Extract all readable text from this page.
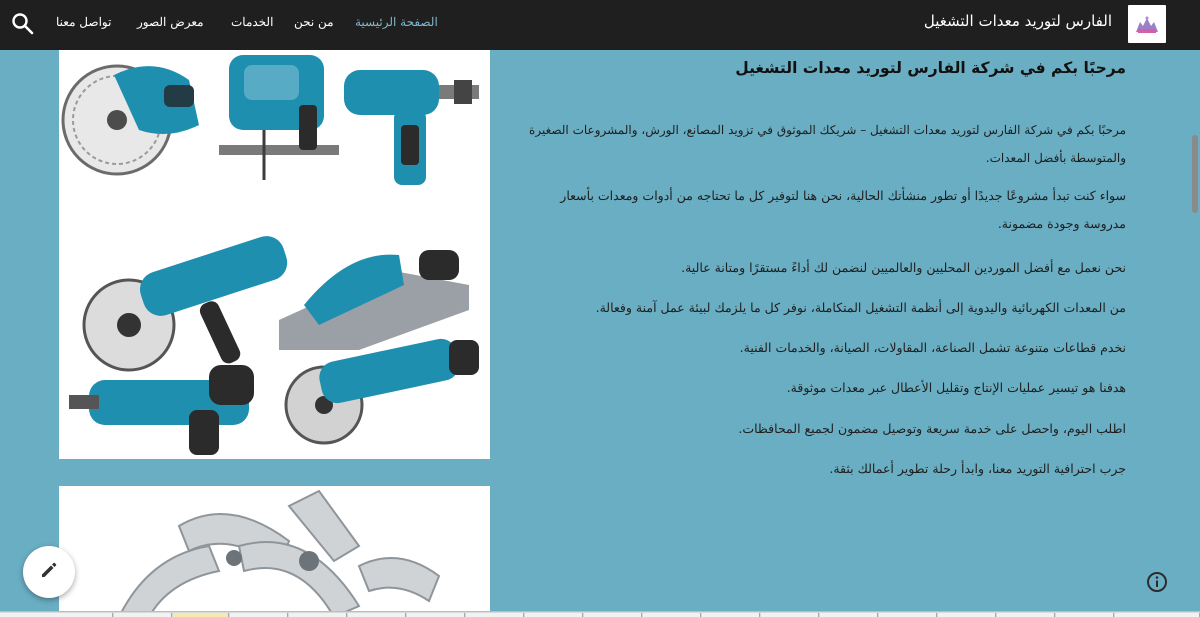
تواصل معنا معرض الصور الخدمات من نحن الصفحة الرئيسية	الفارس لتوريد معدات التشغيل
مرحبًا بكم في شركة الفارس لتوريد معدات التشغيل

مرحبًا بكم في شركة الفارس لتوريد معدات التشغيل – شريكك الموثوق في تزويد المصانع، الورش، والمشروعات الصغيرة والمتوسطة بأفضل المعدات.

سواء كنت تبدأ مشروعًا جديدًا أو تطور منشأتك الحالية، نحن هنا لتوفير كل ما تحتاجه من أدوات ومعدات بأسعار مدروسة وجودة مضمونة.

نحن نعمل مع أفضل الموردين المحليين والعالميين لنضمن لك أداءً مستقرًا ومتانة عالية.

من المعدات الكهربائية واليدوية إلى أنظمة التشغيل المتكاملة، نوفر كل ما يلزمك لبيئة عمل آمنة وفعالة.

نخدم قطاعات متنوعة تشمل الصناعة، المقاولات، الصيانة، والخدمات الفنية.

هدفنا هو تيسير عمليات الإنتاج وتقليل الأعطال عبر معدات موثوقة.

اطلب اليوم، واحصل على خدمة سريعة وتوصيل مضمون لجميع المحافظات.

جرب احترافية التوريد معنا، وابدأ رحلة تطوير أعمالك بثقة.
